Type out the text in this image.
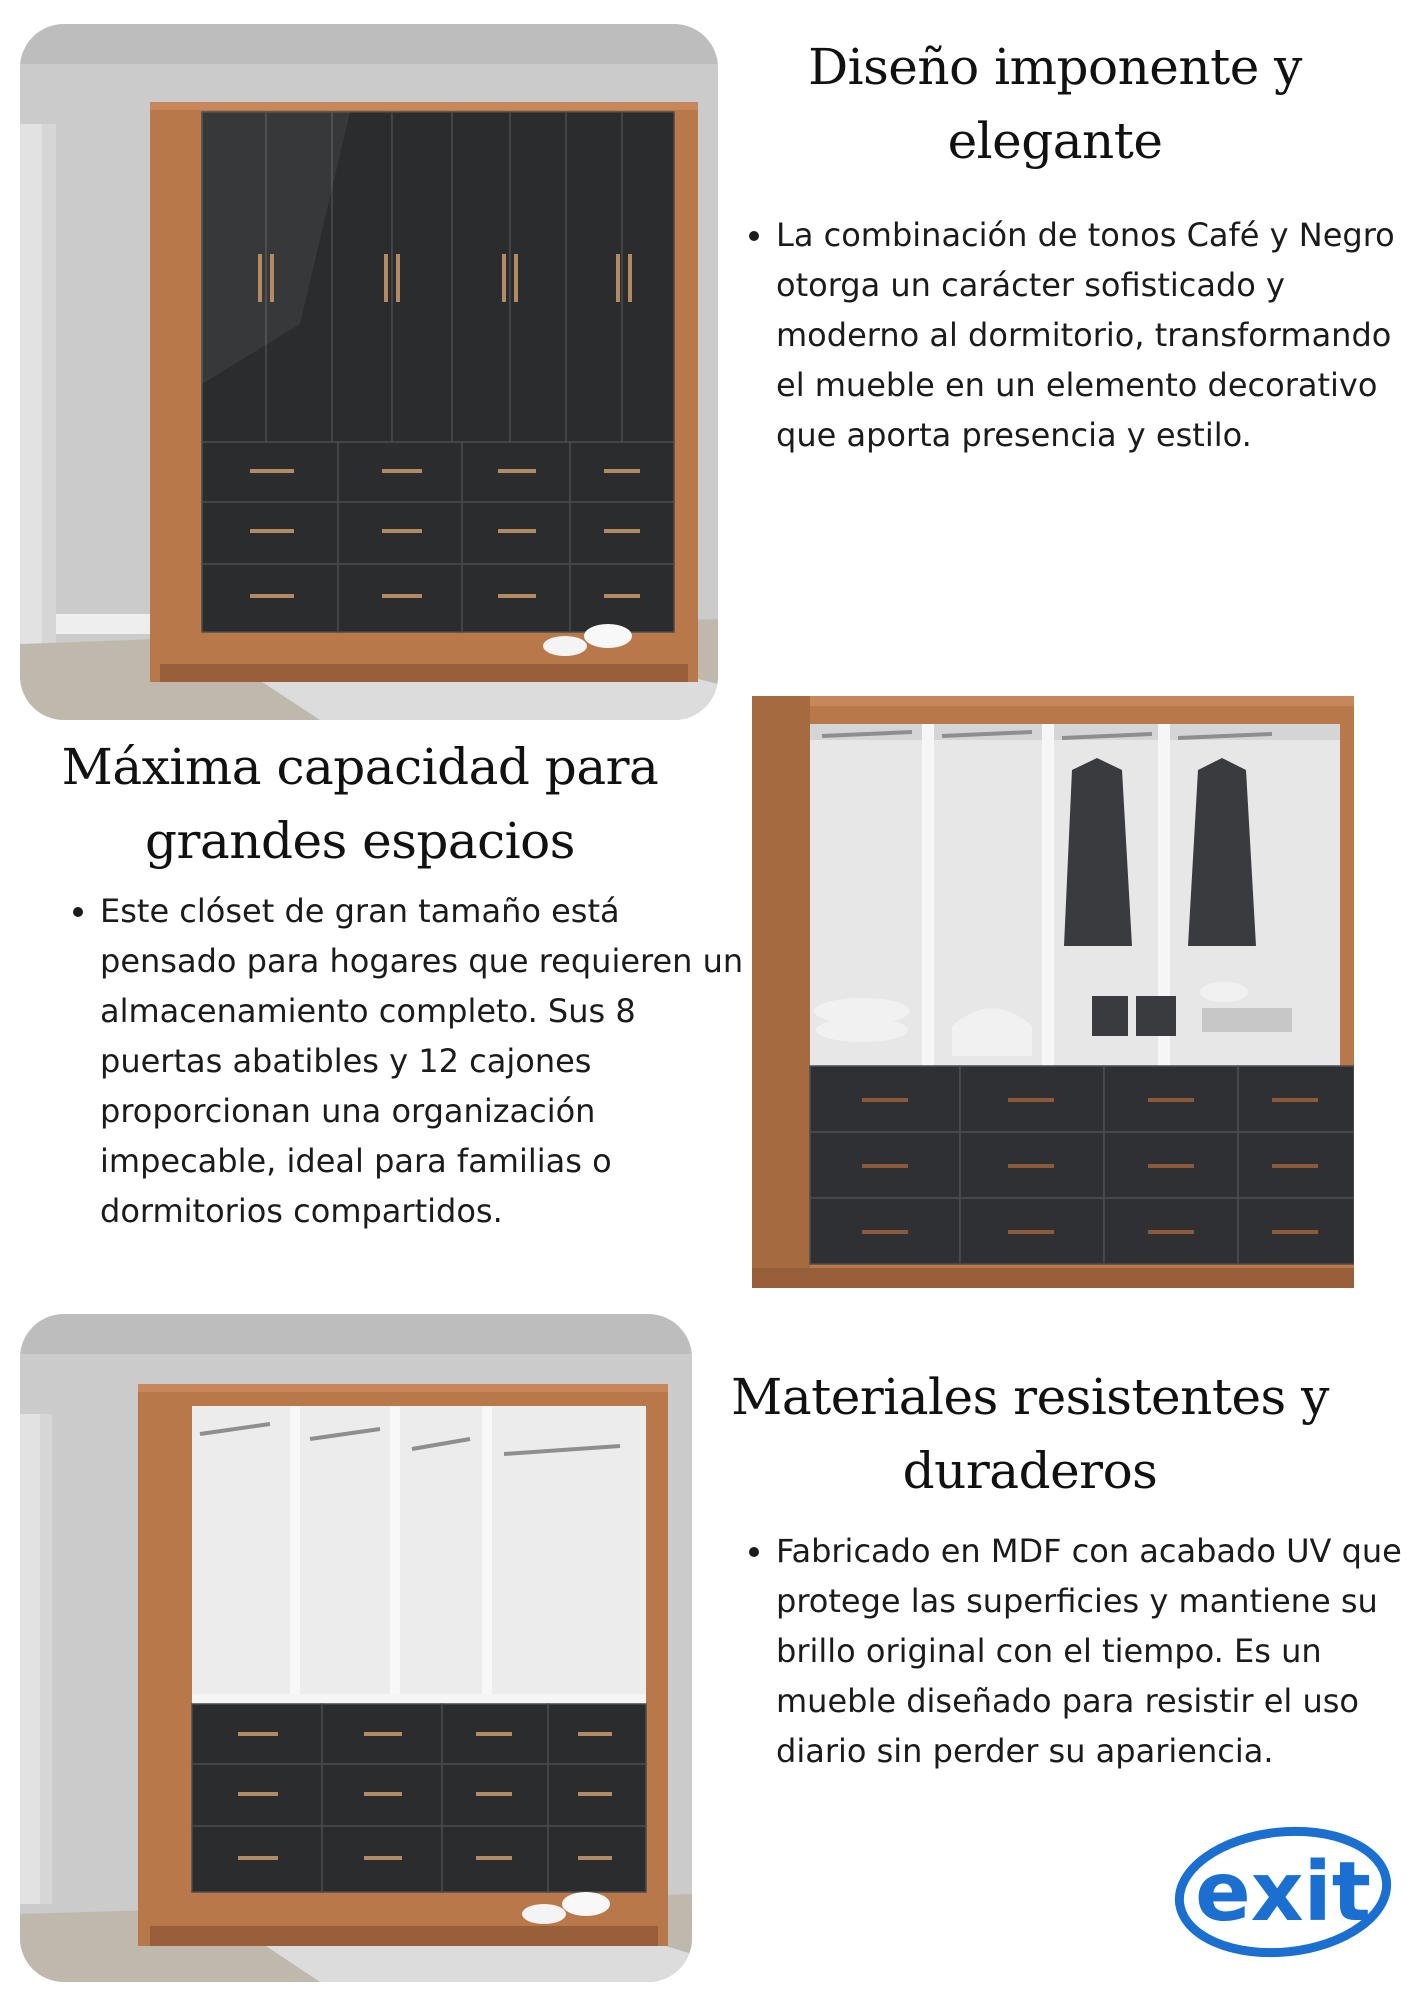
Diseño imponente y
elegante
• La combinación de tonos Café y Negro otorga un carácter sofisticado y moderno al dormitorio, transformando el mueble en un elemento decorativo que aporta presencia y estilo.
Máxima capacidad para
grandes espacios
• Este clóset de gran tamaño está pensado para hogares que requieren un almacenamiento completo. Sus 8 puertas abatibles y 12 cajones proporcionan una organización impecable, ideal para familias o dormitorios compartidos.
Materiales resistentes y
duraderos
• Fabricado en MDF con acabado UV que protege las superficies y mantiene su brillo original con el tiempo. Es un mueble diseñado para resistir el uso diario sin perder su apariencia.
exit
